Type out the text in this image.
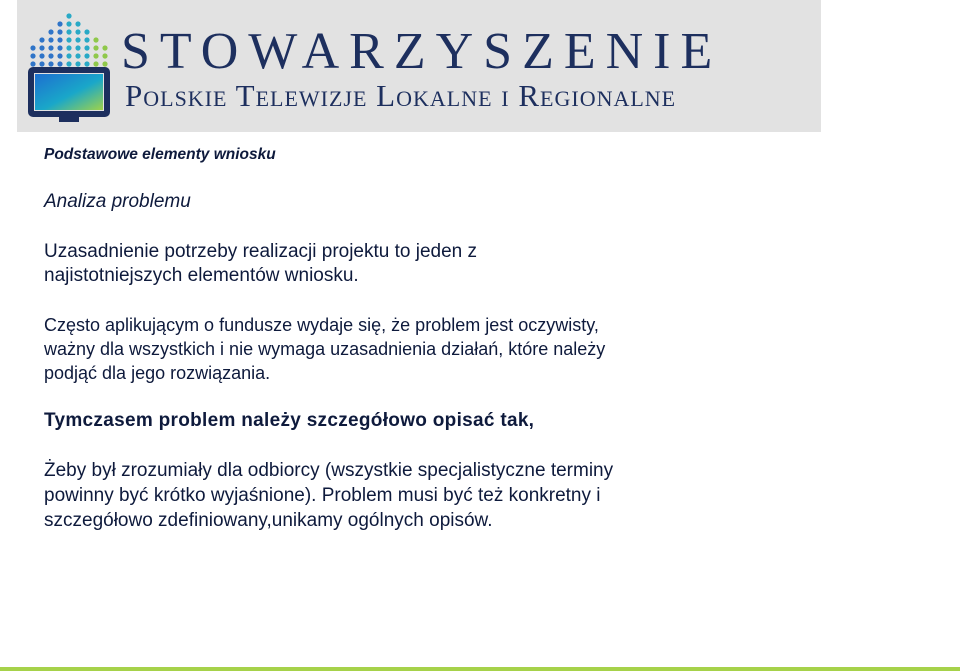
STOWARZYSZENIE
Polskie Telewizje Lokalne i Regionalne
Podstawowe elementy wniosku
Analiza problemu
Uzasadnienie potrzeby realizacji projektu to jeden z
najistotniejszych elementów wniosku.
Często aplikującym o fundusze wydaje się, że problem jest oczywisty,
ważny dla wszystkich i nie wymaga uzasadnienia działań, które należy
podjąć dla jego rozwiązania.
Tymczasem problem należy szczegółowo opisać tak,
Żeby był zrozumiały dla odbiorcy (wszystkie specjalistyczne terminy
powinny być krótko wyjaśnione). Problem musi być też konkretny i
szczegółowo zdefiniowany,unikamy ogólnych opisów.
